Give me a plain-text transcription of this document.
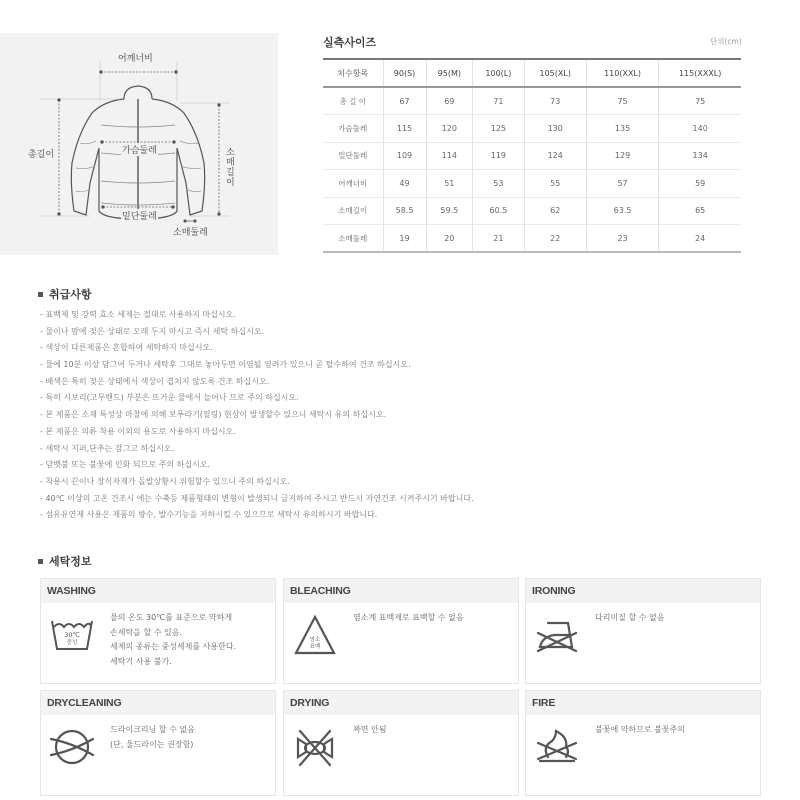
어깨너비
총길이	가슴둘레	소매길이
밑단둘레
소매둘레
실측사이즈	단위(cm)
치수항목	90(S)	95(M)	100(L)	105(XL)	110(XXL)	115(XXXL)
총 길 이	67	69	71	73	75	75
가슴둘레	115	120	125	130	135	140
밑단둘레	109	114	119	124	129	134
어깨너비	49	51	53	55	57	59
소매길이	58.5	59.5	60.5	62	63.5	65
소매둘레	19	20	21	22	23	24
취급사항
- 표백제 및 강력 효소 세제는 절대로 사용하지 마십시오.
- 물이나 땀에 젖은 상태로 오래 두지 마시고 즉시 세탁 하십시오.
- 색상이 다른제품은 혼합하여 세탁하지 마십시오.
- 물에 10분 이상 담그어 두거나 세탁후 그대로 놓아두면 이염될 염려가 있으니 곧 탈수하여 건조 하십시오.
- 배색은 특히 젖은 상태에서 색상이 겹치지 않도록 건조 하십시오.
- 특히 시보리(고무밴드) 부분은 뜨거운 물에서 늘어나 므로 주의 하십시오.
- 본 제품은 소재 특성상 마찰에 의해 보푸라기(필링) 현상이 발생할수 있으니 세탁시 유의 하십시오.
- 본 제품은 의류 착용 이외의 용도로 사용하지 마십시오.
- 세탁시 지퍼,단추는 잠그고 하십시오.
- 담뱃불 또는 불꽃에 인화 되므로 주의 하십시오.
- 착용시 끈이나 장식자재가 돌발상황시 위험할수 있으니 주의 하십시오.
- 40℃ 이상의 고온 건조시 에는 수축등 제품형태의 변형이 발생되니 금지하여 주시고 반드시 자연건조 시켜주시기 바랍니다.
- 섬유유연제 사용은 제품의 방수, 발수기능을 저하시킬 수 있으므로 세탁시 유의하시기 바랍니다.
세탁정보
WASHING
30℃
중성
물의 온도 30℃를 표준으로 약하게
손세탁을 할 수 있음.
세제의 종류는 중성세제를 사용한다.
세탁기 사용 불가.
BLEACHING
염소
표백
염소계 표백제로 표백할 수 없음
IRONING
다리미질 할 수 없음
DRYCLEANING
드라이크리닝 할 수 없음
(단, 울드라이는 권장함)
DRYING
짜면 안됨
FIRE
불꽃에 약하므로 불꽃주의
